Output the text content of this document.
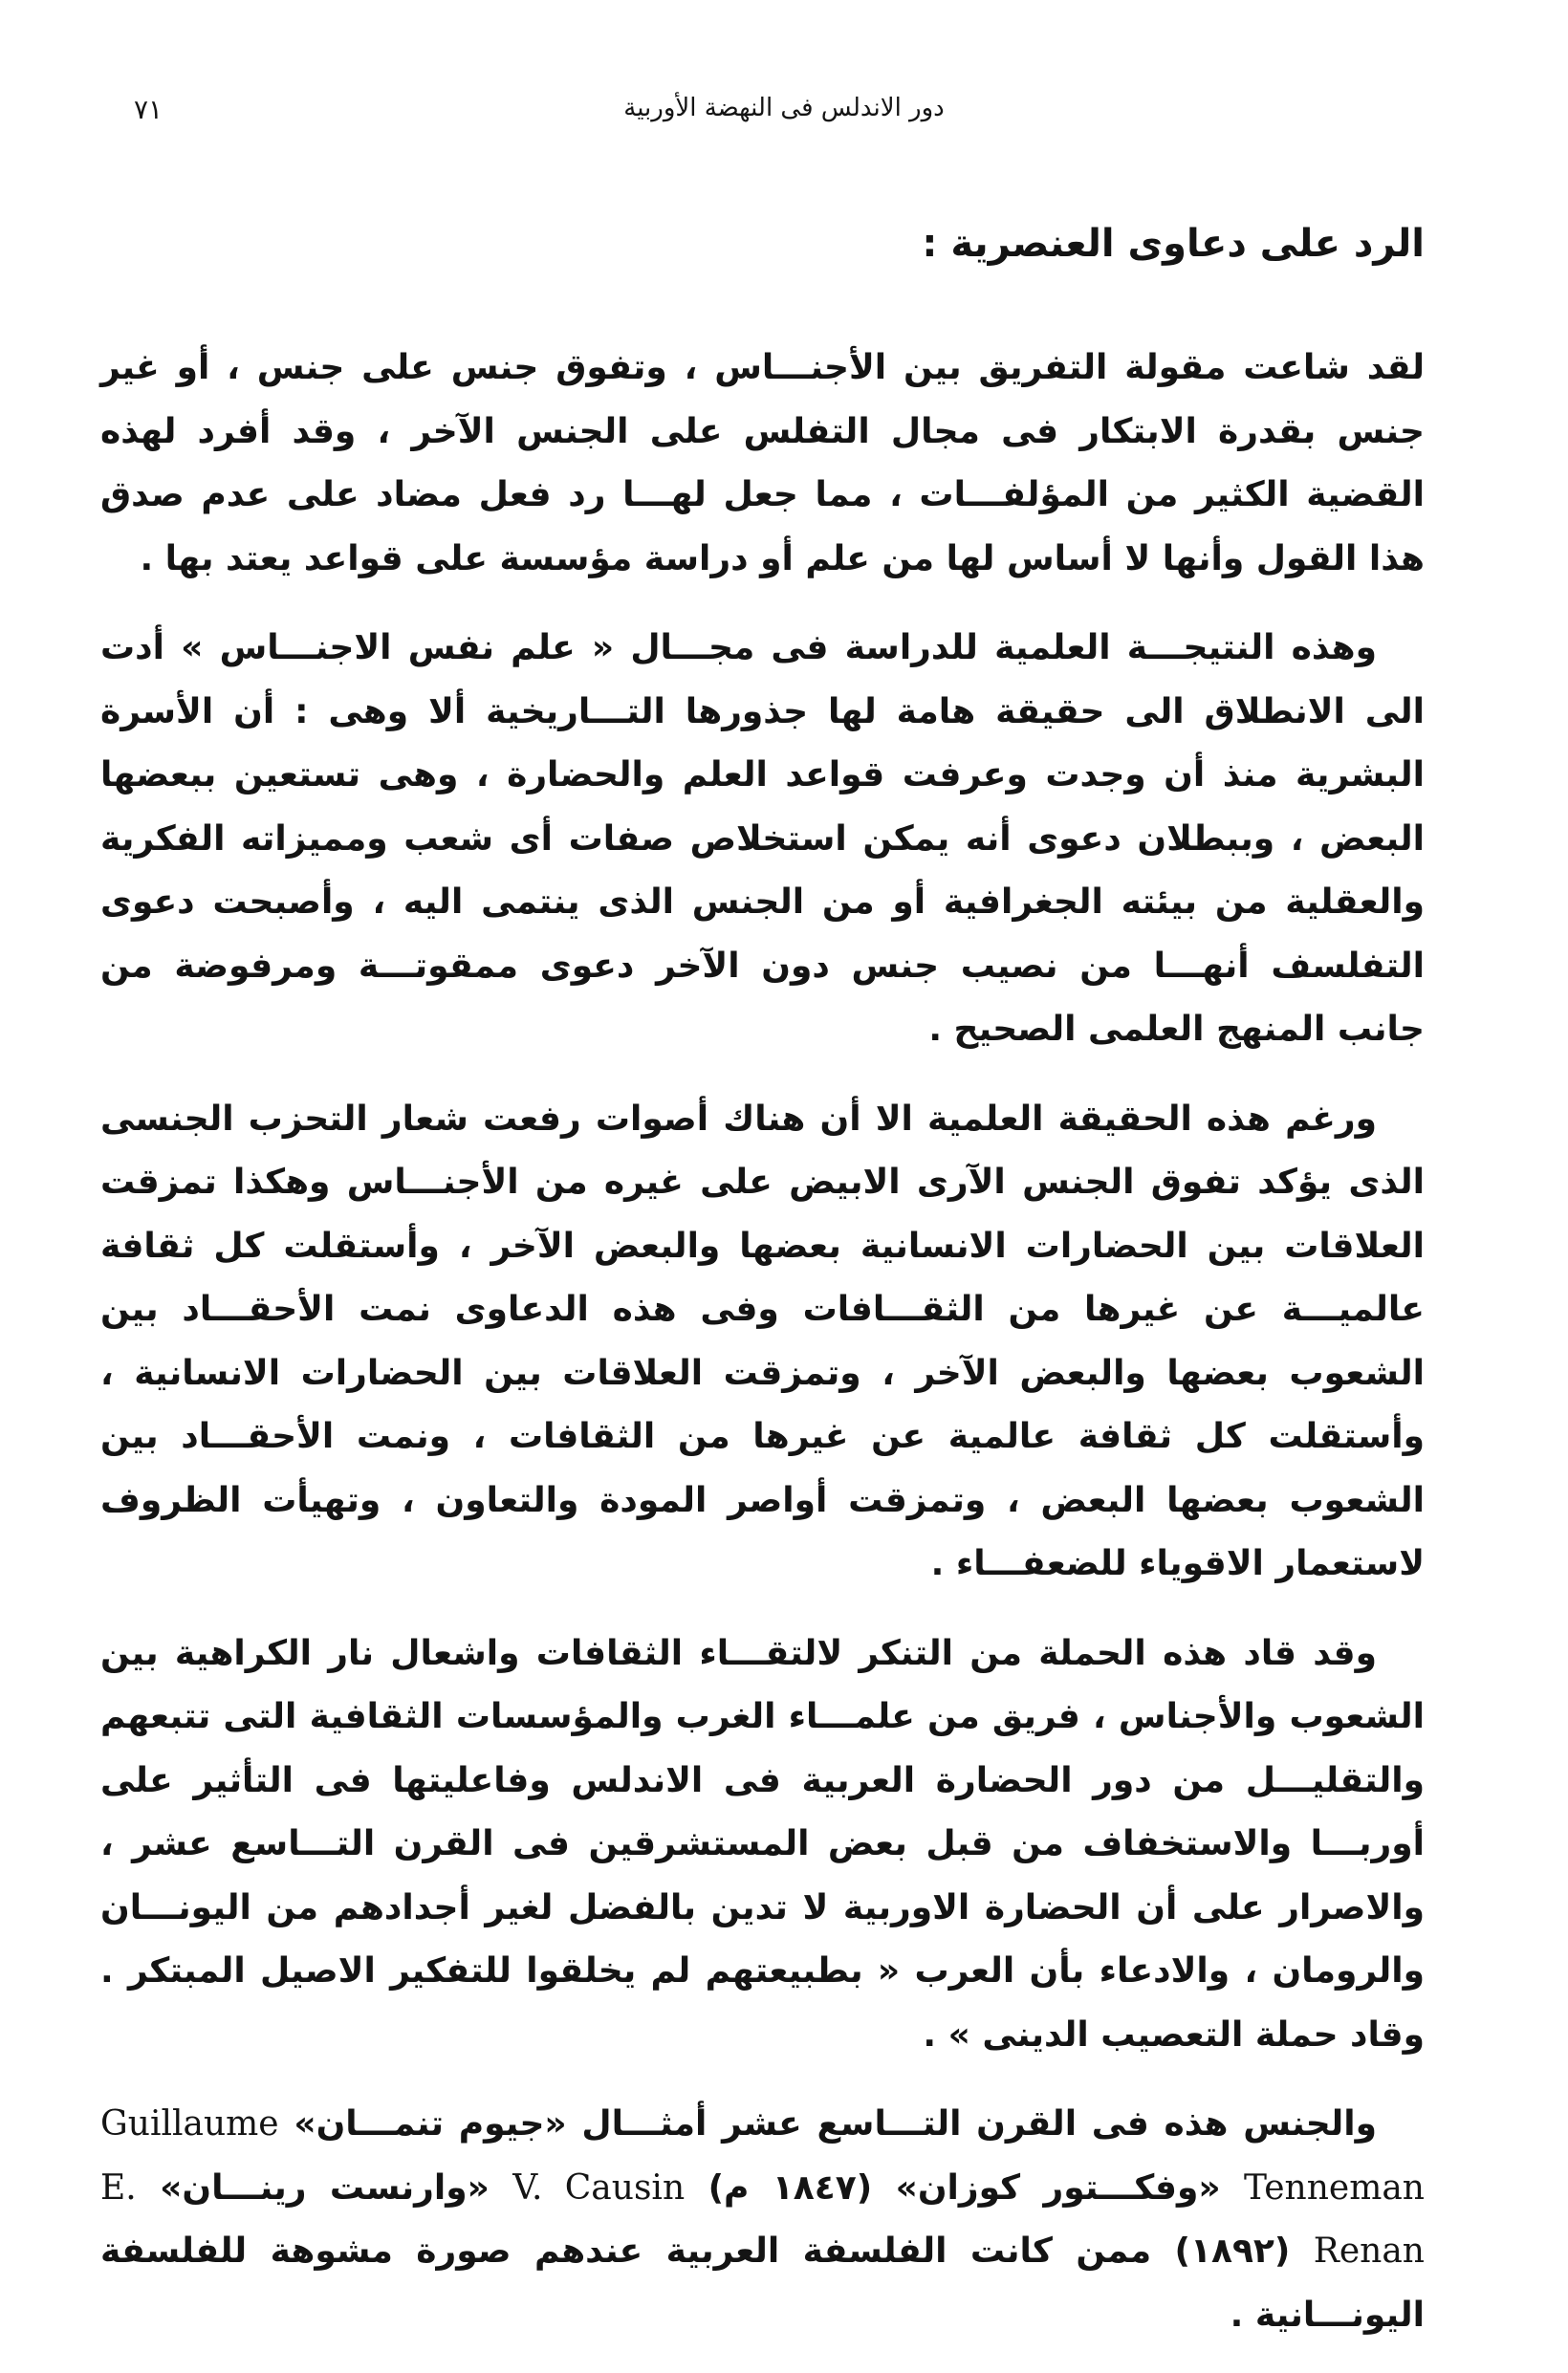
٧١	دور الاندلس فى النهضة الأوربية
الرد على دعاوى العنصرية :

لقد شاعت مقولة التفريق بين الأجنـــاس ، وتفوق جنس على جنس ، أو غير جنس بقدرة الابتكار فى مجال التفلس على الجنس الآخر ، وقد أفرد لهذه القضية الكثير من المؤلفـــات ، مما جعل لهـــا رد فعل مضاد على عدم صدق هذا القول وأنها لا أساس لها من علم أو دراسة مؤسسة على قواعد يعتد بها .

وهذه النتيجـــة العلمية للدراسة فى مجـــال « علم نفس الاجنـــاس » أدت الى الانطلاق الى حقيقة هامة لها جذورها التـــاريخية ألا وهى : أن الأسرة البشرية منذ أن وجدت وعرفت قواعد العلم والحضارة ، وهى تستعين ببعضها البعض ، وببطلان دعوى أنه يمكن استخلاص صفات أى شعب ومميزاته الفكرية والعقلية من بيئته الجغرافية أو من الجنس الذى ينتمى اليه ، وأصبحت دعوى التفلسف أنهـــا من نصيب جنس دون الآخر دعوى ممقوتـــة ومرفوضة من جانب المنهج العلمى الصحيح .

ورغم هذه الحقيقة العلمية الا أن هناك أصوات رفعت شعار التحزب الجنسى الذى يؤكد تفوق الجنس الآرى الابيض على غيره من الأجنـــاس وهكذا تمزقت العلاقات بين الحضارات الانسانية بعضها والبعض الآخر ، وأستقلت كل ثقافة عالميـــة عن غيرها من الثقـــافات وفى هذه الدعاوى نمت الأحقـــاد بين الشعوب بعضها والبعض الآخر ، وتمزقت العلاقات بين الحضارات الانسانية ، وأستقلت كل ثقافة عالمية عن غيرها من الثقافات ، ونمت الأحقـــاد بين الشعوب بعضها البعض ، وتمزقت أواصر المودة والتعاون ، وتهيأت الظروف لاستعمار الاقوياء للضعفـــاء .

وقد قاد هذه الحملة من التنكر لالتقـــاء الثقافات واشعال نار الكراهية بين الشعوب والأجناس ، فريق من علمـــاء الغرب والمؤسسات الثقافية التى تتبعهم والتقليـــل من دور الحضارة العربية فى الاندلس وفاعليتها فى التأثير على أوربـــا والاستخفاف من قبل بعض المستشرقين فى القرن التـــاسع عشر ، والاصرار على أن الحضارة الاوربية لا تدين بالفضل لغير أجدادهم من اليونـــان والرومان ، والادعاء بأن العرب « بطبيعتهم لم يخلقوا للتفكير الاصيل المبتكر . وقاد حملة التعصيب الدينى » .

والجنس هذه فى القرن التـــاسع عشر أمثـــال «جيوم تنمـــان» Guillaume Tenneman «وفكـــتور كوزان» (١٨٤٧ م) V. Causin «وارنست رينـــان» E. Renan (١٨٩٢) ممن كانت الفلسفة العربية عندهم صورة مشوهة للفلسفة اليونـــانية .
